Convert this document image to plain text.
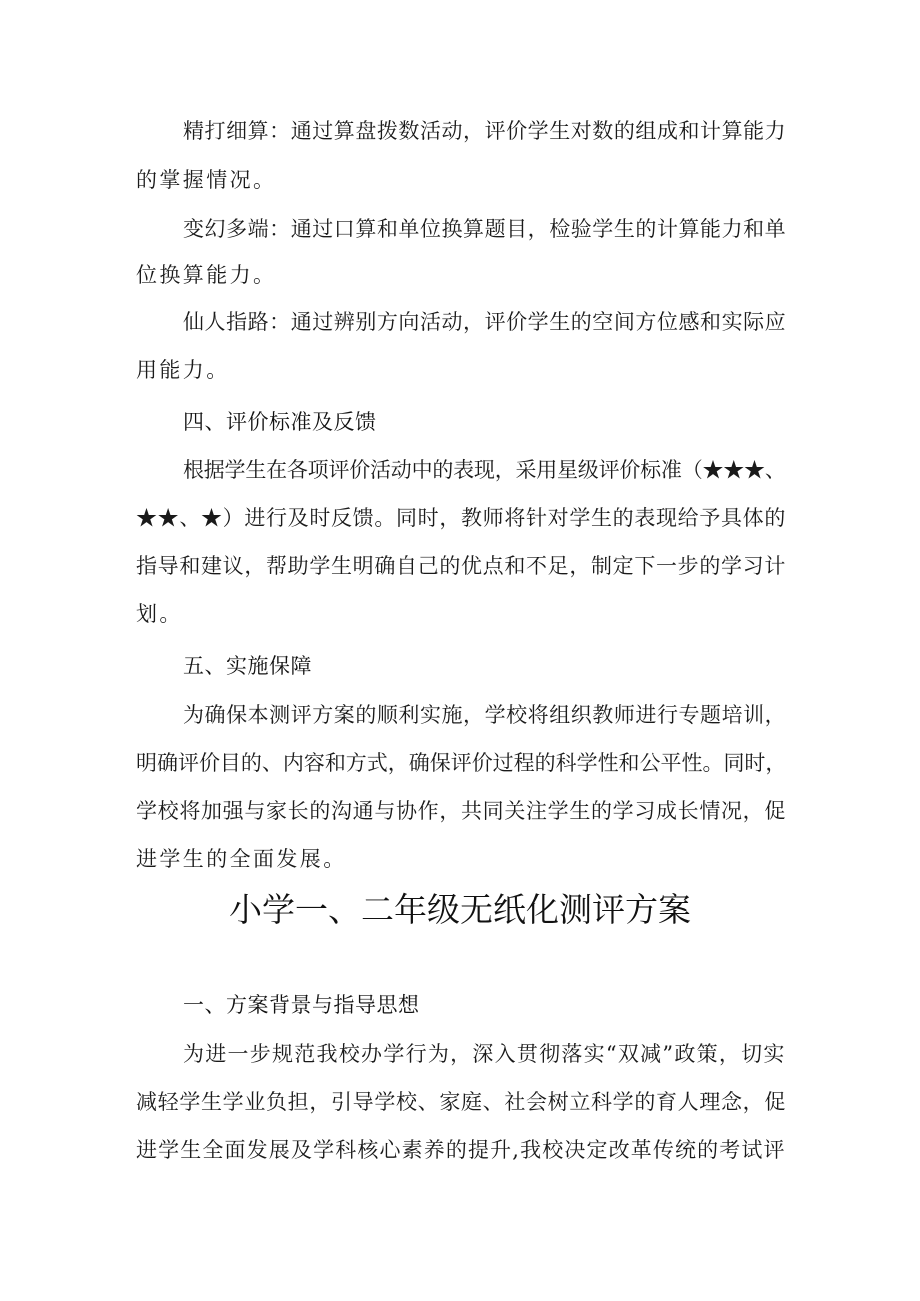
精打细算：通过算盘拨数活动，评价学生对数的组成和计算能力
的掌握情况。
变幻多端：通过口算和单位换算题目，检验学生的计算能力和单
位换算能力。
仙人指路：通过辨别方向活动，评价学生的空间方位感和实际应
用能力。
四、评价标准及反馈
根据学生在各项评价活动中的表现，采用星级评价标准（★★★、
★★、★）进行及时反馈。同时，教师将针对学生的表现给予具体的
指导和建议，帮助学生明确自己的优点和不足，制定下一步的学习计
划。
五、实施保障
为确保本测评方案的顺利实施，学校将组织教师进行专题培训，
明确评价目的、内容和方式，确保评价过程的科学性和公平性。同时，
学校将加强与家长的沟通与协作，共同关注学生的学习成长情况，促
进学生的全面发展。
小学一、二年级无纸化测评方案
一、方案背景与指导思想
为进一步规范我校办学行为，深入贯彻落实“双减”政策，切实
减轻学生学业负担，引导学校、家庭、社会树立科学的育人理念，促
进学生全面发展及学科核心素养的提升,我校决定改革传统的考试评
